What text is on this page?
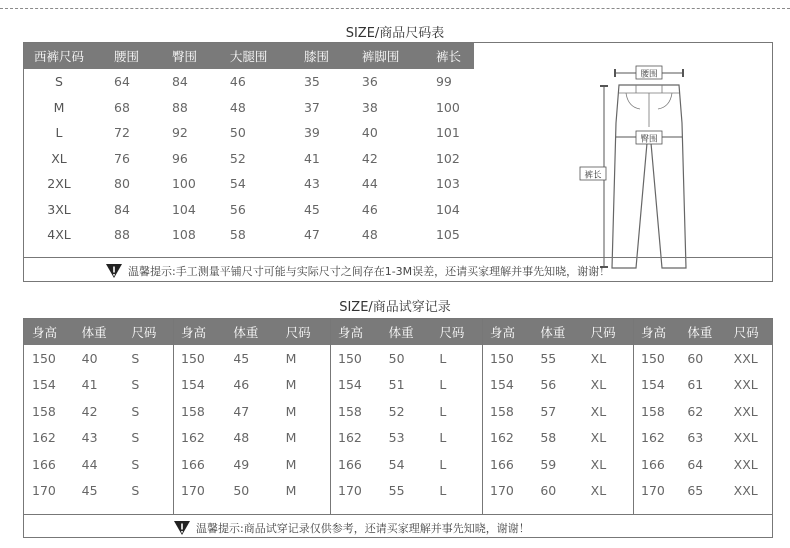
SIZE/商品尺码表
西裤尺码	腰围	臀围	大腿围	膝围	裤脚围	裤长
S	64	84	46	35	36	99
M	68	88	48	37	38	100
L	72	92	50	39	40	101
XL	76	96	52	41	42	102
2XL	80	100	54	43	44	103
3XL	84	104	56	45	46	104
4XL	88	108	58	47	48	105
腰围
臀围
裤长
温馨提示:手工测量平铺尺寸可能与实际尺寸之间存在1-3M误差，还请买家理解并事先知晓，谢谢！
SIZE/商品试穿记录
身高	体重	尺码
150	40	S
154	41	S
158	42	S
162	43	S
166	44	S
170	45	S
身高	体重	尺码
150	45	M
154	46	M
158	47	M
162	48	M
166	49	M
170	50	M
身高	体重	尺码
150	50	L
154	51	L
158	52	L
162	53	L
166	54	L
170	55	L
身高	体重	尺码
150	55	XL
154	56	XL
158	57	XL
162	58	XL
166	59	XL
170	60	XL
身高	体重	尺码
150	60	XXL
154	61	XXL
158	62	XXL
162	63	XXL
166	64	XXL
170	65	XXL
温馨提示:商品试穿记录仅供参考，还请买家理解并事先知晓，谢谢！
